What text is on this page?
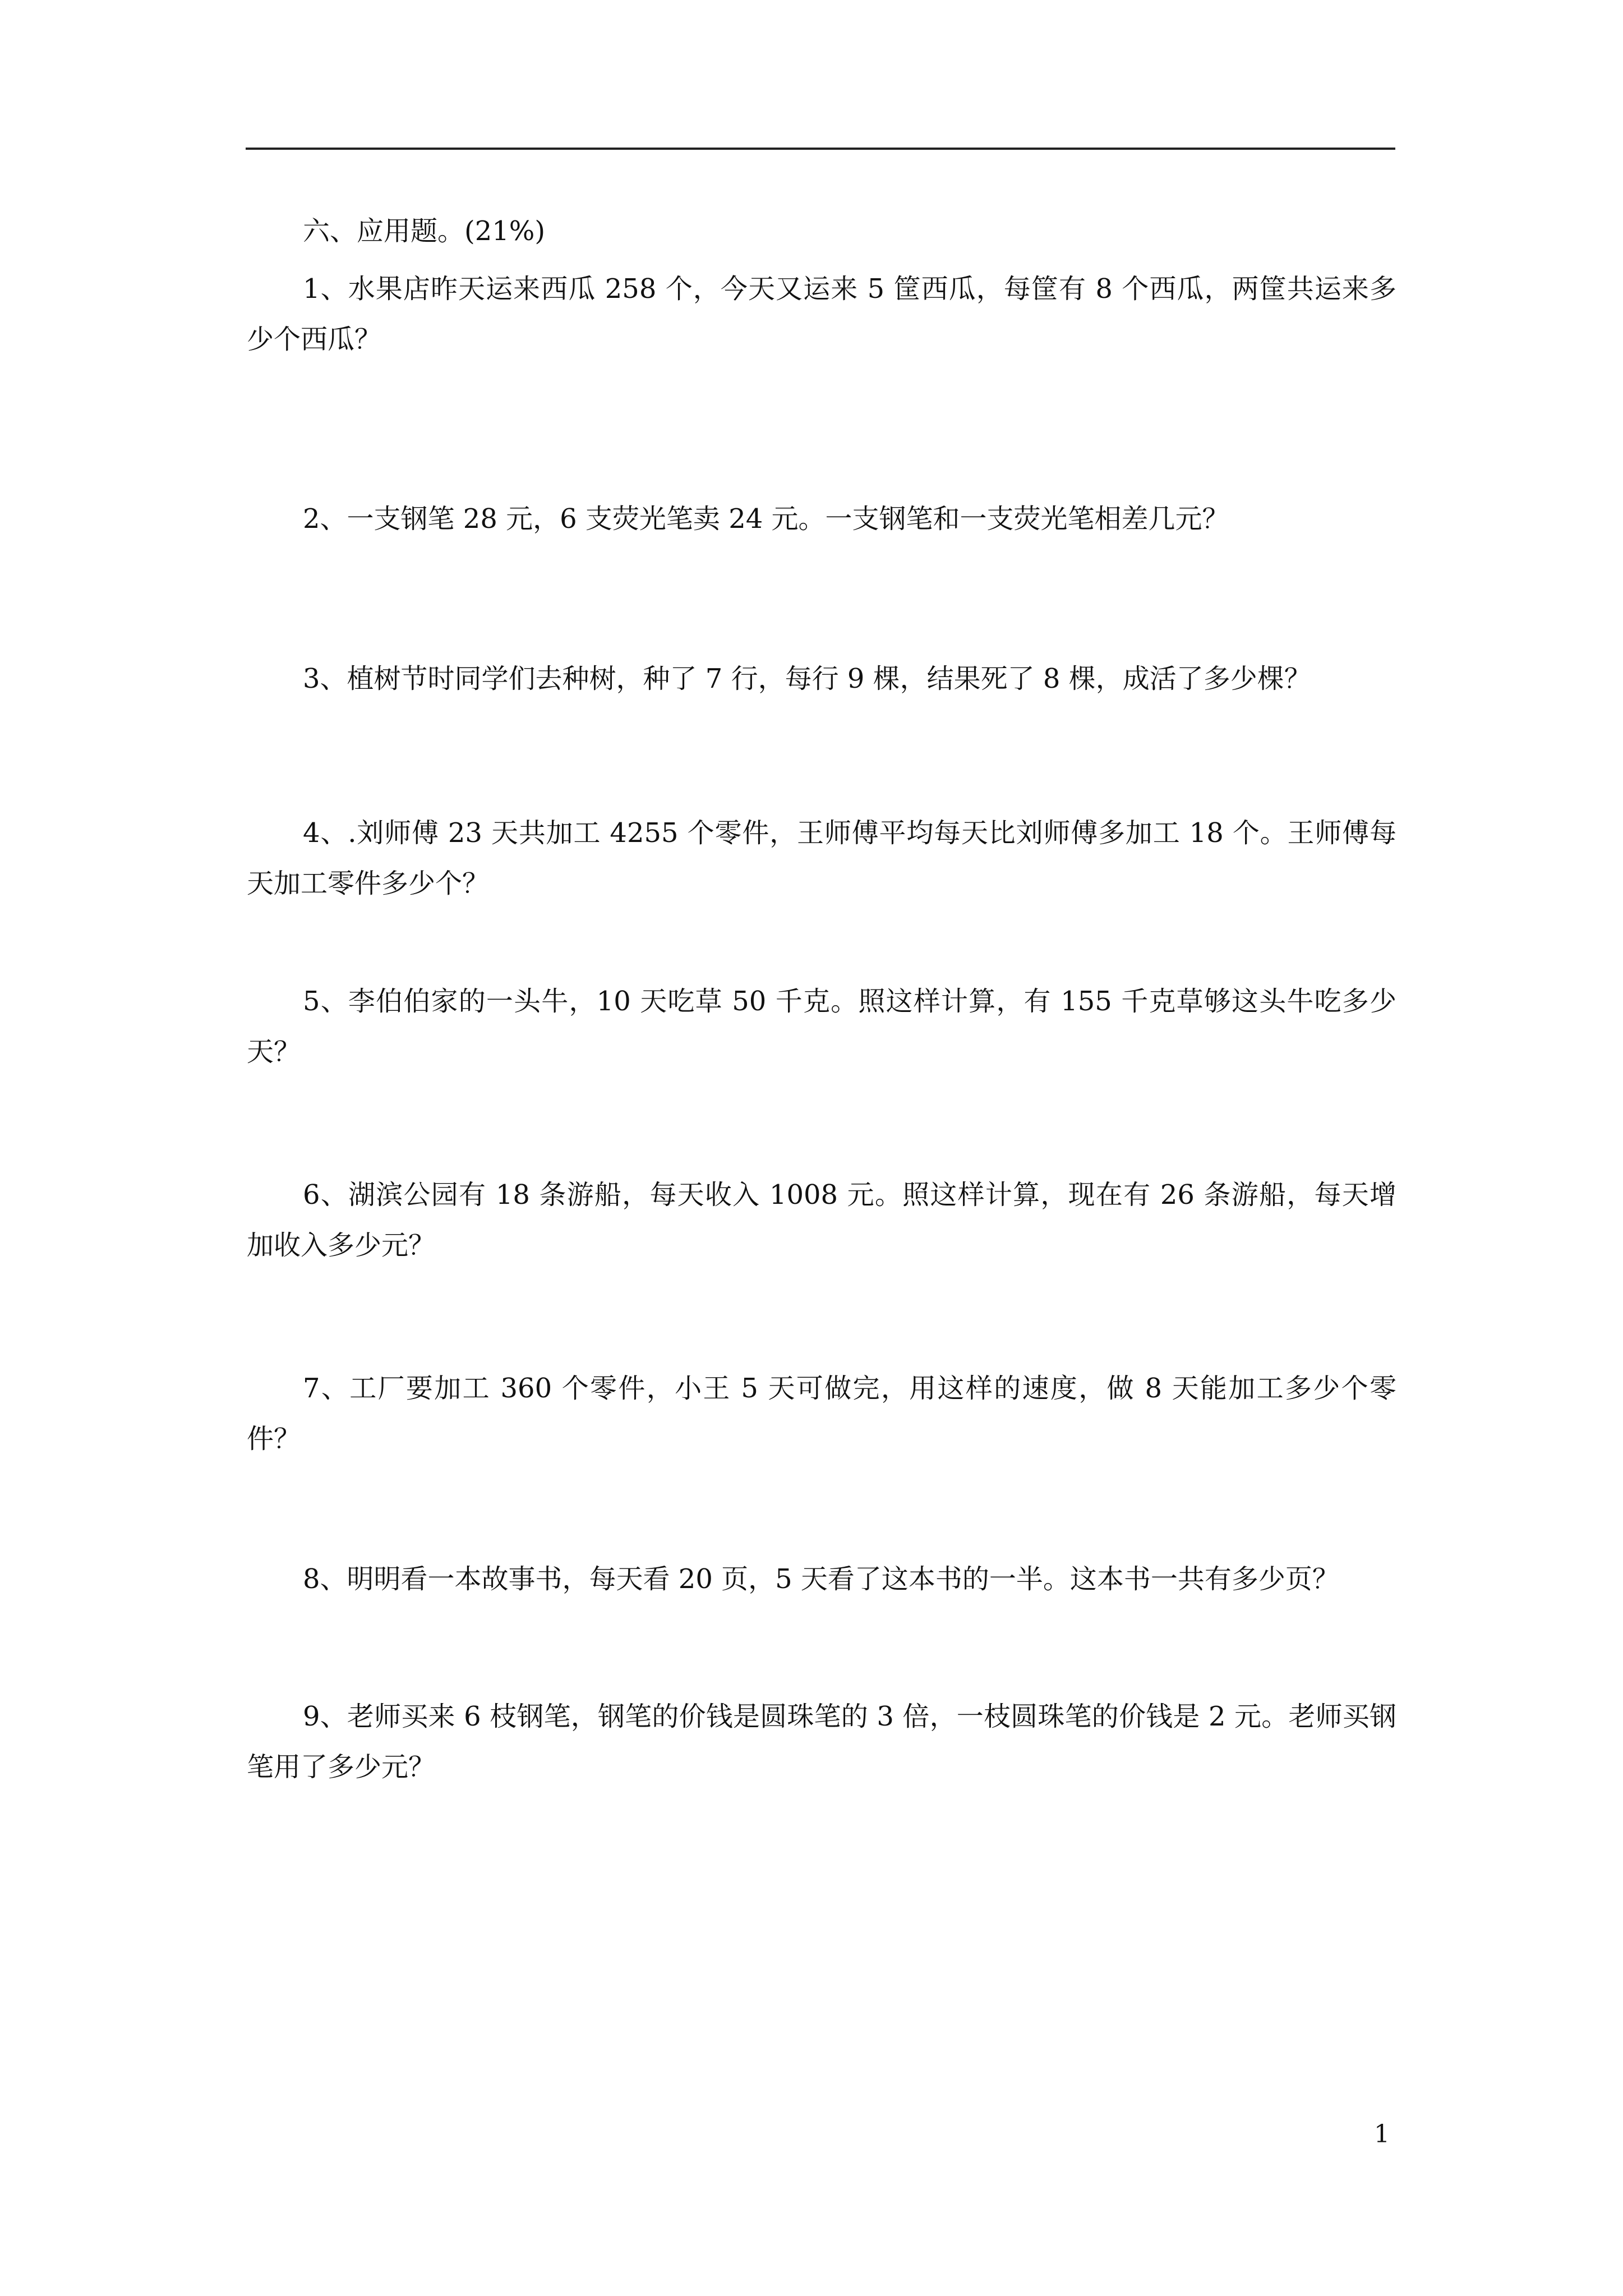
六、应用题。(21%)

1、水果店昨天运来西瓜 258 个，今天又运来 5 筐西瓜，每筐有 8 个西瓜，两筐共运来多少个西瓜？

2、一支钢笔 28 元，6 支荧光笔卖 24 元。一支钢笔和一支荧光笔相差几元？

3、植树节时同学们去种树，种了 7 行，每行 9 棵，结果死了 8 棵，成活了多少棵？

4、.刘师傅 23 天共加工 4255 个零件，王师傅平均每天比刘师傅多加工 18 个。王师傅每天加工零件多少个？

5、李伯伯家的一头牛，10 天吃草 50 千克。照这样计算，有 155 千克草够这头牛吃多少天？

6、湖滨公园有 18 条游船，每天收入 1008 元。照这样计算，现在有 26 条游船，每天增加收入多少元？

7、工厂要加工 360 个零件，小王 5 天可做完，用这样的速度，做 8 天能加工多少个零件？

8、明明看一本故事书，每天看 20 页，5 天看了这本书的一半。这本书一共有多少页？

9、老师买来 6 枝钢笔，钢笔的价钱是圆珠笔的 3 倍，一枝圆珠笔的价钱是 2 元。老师买钢笔用了多少元？

1
